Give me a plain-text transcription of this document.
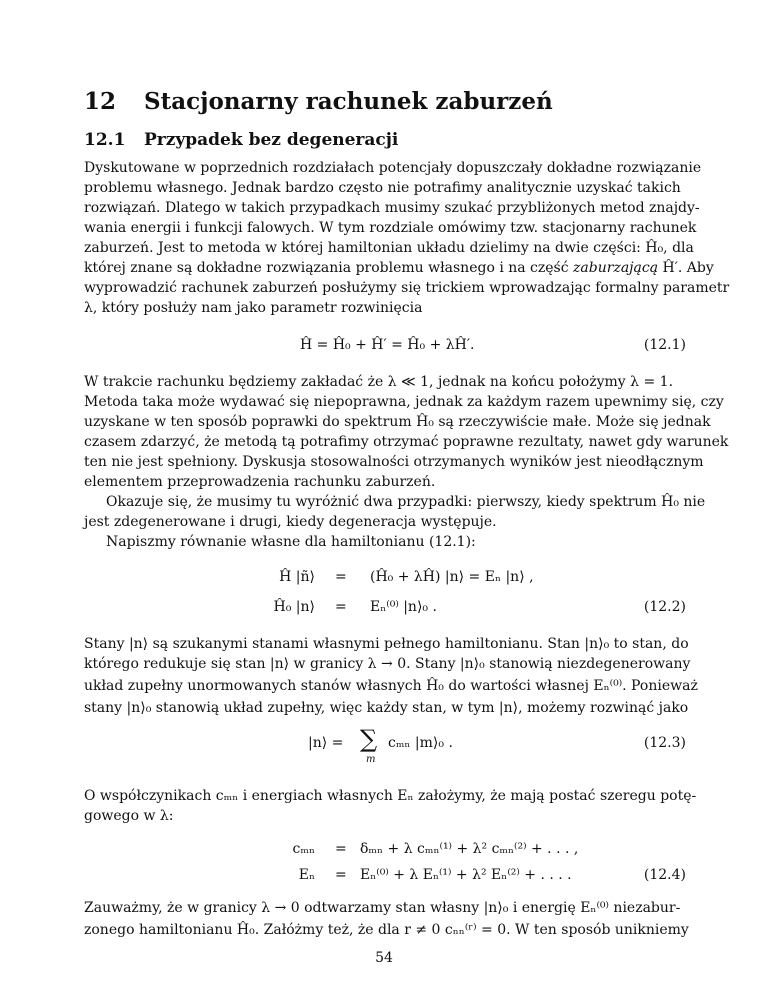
12 Stacjonarny rachunek zaburzeń
12.1 Przypadek bez degeneracji
Dyskutowane w poprzednich rozdziałach potencjały dopuszczały dokładne rozwiązanie
problemu własnego. Jednak bardzo często nie potrafimy analitycznie uzyskać takich
rozwiązań. Dlatego w takich przypadkach musimy szukać przybliżonych metod znajdy-
wania energii i funkcji falowych. W tym rozdziale omówimy tzw. stacjonarny rachunek
zaburzeń. Jest to metoda w której hamiltonian układu dzielimy na dwie części: Ĥ₀, dla
której znane są dokładne rozwiązania problemu własnego i na część zaburzającą Ĥ′. Aby
wyprowadzić rachunek zaburzeń posłużymy się trickiem wprowadzając formalny parametr
λ, który posłuży nam jako parametr rozwinięcia
Ĥ = Ĥ₀ + Ĥ′ = Ĥ₀ + λĤ′.	(12.1)
W trakcie rachunku będziemy zakładać że λ ≪ 1, jednak na końcu położymy λ = 1.
Metoda taka może wydawać się niepoprawna, jednak za każdym razem upewnimy się, czy
uzyskane w ten sposób poprawki do spektrum Ĥ₀ są rzeczywiście małe. Może się jednak
czasem zdarzyć, że metodą tą potrafimy otrzymać poprawne rezultaty, nawet gdy warunek
ten nie jest spełniony. Dyskusja stosowalności otrzymanych wyników jest nieodłącznym
elementem przeprowadzenia rachunku zaburzeń.
Okazuje się, że musimy tu wyróżnić dwa przypadki: pierwszy, kiedy spektrum Ĥ₀ nie
jest zdegenerowane i drugi, kiedy degeneracja występuje.
Napiszmy równanie własne dla hamiltonianu (12.1):
Ĥ |ñ⟩ = (Ĥ₀ + λĤ) |n⟩ = Eₙ |n⟩ ,
Ĥ₀ |n⟩ = Eₙ⁽⁰⁾ |n⟩₀ .	(12.2)
Stany |n⟩ są szukanymi stanami własnymi pełnego hamiltonianu. Stan |n⟩₀ to stan, do
którego redukuje się stan |n⟩ w granicy λ → 0. Stany |n⟩₀ stanowią niezdegenerowany
układ zupełny unormowanych stanów własnych Ĥ₀ do wartości własnej Eₙ⁽⁰⁾. Ponieważ
stany |n⟩₀ stanowią układ zupełny, więc każdy stan, w tym |n⟩, możemy rozwinąć jako
|n⟩ = ∑
m
cₘₙ |m⟩₀ .	(12.3)
O współczynikach cₘₙ i energiach własnych Eₙ założymy, że mają postać szeregu potę-
gowego w λ:
cₘₙ = δₘₙ + λ cₘₙ⁽¹⁾ + λ² cₘₙ⁽²⁾ + . . . ,
Eₙ = Eₙ⁽⁰⁾ + λ Eₙ⁽¹⁾ + λ² Eₙ⁽²⁾ + . . . .	(12.4)
Zauważmy, że w granicy λ → 0 odtwarzamy stan własny |n⟩₀ i energię Eₙ⁽⁰⁾ niezabur-
zonego hamiltonianu Ĥ₀. Załóżmy też, że dla r ≠ 0 cₙₙ⁽ʳ⁾ = 0. W ten sposób unikniemy
54
